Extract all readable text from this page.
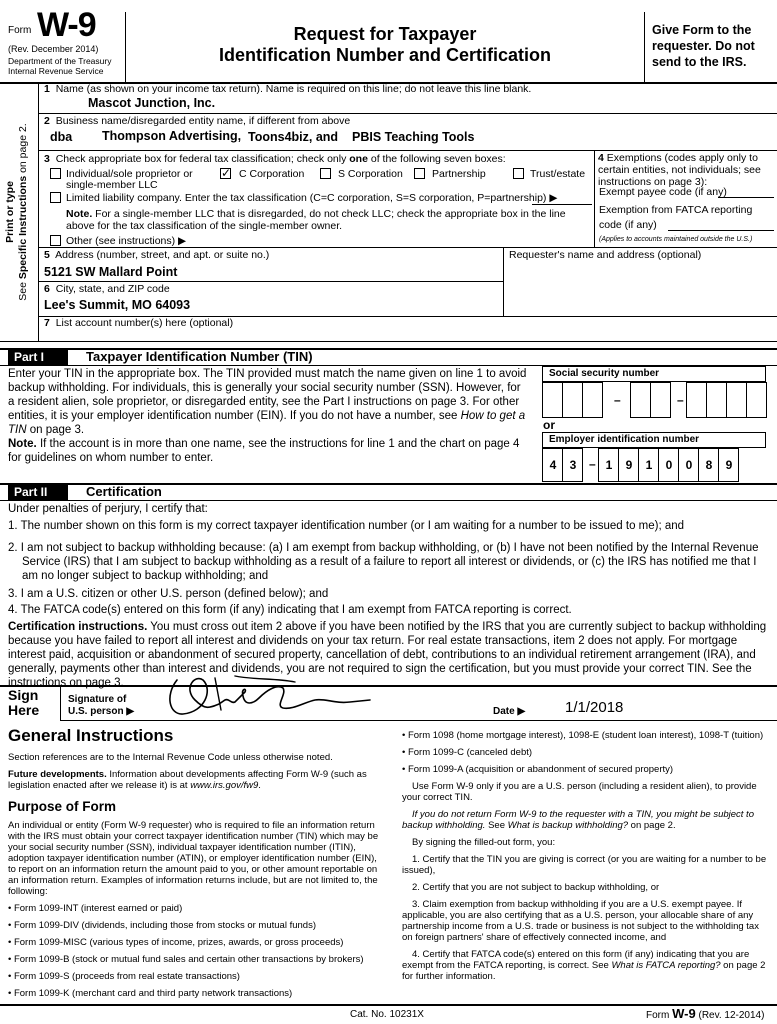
Form W-9
(Rev. December 2014)
Department of the Treasury
Internal Revenue Service
Request for Taxpayer
Identification Number and Certification
Give Form to the requester. Do not send to the IRS.
Print or type
See Specific Instructions on page 2.
1 Name (as shown on your income tax return). Name is required on this line; do not leave this line blank.
Mascot Junction, Inc.
2 Business name/disregarded entity name, if different from above
dba Thompson Advertising, Toons4biz, and PBIS Teaching Tools
3 Check appropriate box for federal tax classification; check only one of the following seven boxes:
Individual/sole proprietor or
single-member LLC
✓ C Corporation	S Corporation	Partnership	Trust/estate
Limited liability company. Enter the tax classification (C=C corporation, S=S corporation, P=partnership) ▶
Note. For a single-member LLC that is disregarded, do not check LLC; check the appropriate box in the line above for the tax classification of the single-member owner.
Other (see instructions) ▶
4 Exemptions (codes apply only to certain entities, not individuals; see instructions on page 3):
Exempt payee code (if any)
Exemption from FATCA reporting
code (if any)
(Applies to accounts maintained outside the U.S.)
5 Address (number, street, and apt. or suite no.)
5121 SW Mallard Point
Requester's name and address (optional)
6 City, state, and ZIP code
Lee's Summit, MO 64093
7 List account number(s) here (optional)
Part I	Taxpayer Identification Number (TIN)
Enter your TIN in the appropriate box. The TIN provided must match the name given on line 1 to avoid backup withholding. For individuals, this is generally your social security number (SSN). However, for a resident alien, sole proprietor, or disregarded entity, see the Part I instructions on page 3. For other entities, it is your employer identification number (EIN). If you do not have a number, see How to get a TIN on page 3.
Note. If the account is in more than one name, see the instructions for line 1 and the chart on page 4 for guidelines on whom number to enter.
Social security number
–	–
or
Employer identification number
4	3	– 1	9	1	0	0	8	9
Part II	Certification
Under penalties of perjury, I certify that:
1. The number shown on this form is my correct taxpayer identification number (or I am waiting for a number to be issued to me); and
2. I am not subject to backup withholding because: (a) I am exempt from backup withholding, or (b) I have not been notified by the Internal Revenue Service (IRS) that I am subject to backup withholding as a result of a failure to report all interest or dividends, or (c) the IRS has notified me that I am no longer subject to backup withholding; and
3. I am a U.S. citizen or other U.S. person (defined below); and
4. The FATCA code(s) entered on this form (if any) indicating that I am exempt from FATCA reporting is correct.
Certification instructions. You must cross out item 2 above if you have been notified by the IRS that you are currently subject to backup withholding because you have failed to report all interest and dividends on your tax return. For real estate transactions, item 2 does not apply. For mortgage interest paid, acquisition or abandonment of secured property, cancellation of debt, contributions to an individual retirement arrangement (IRA), and generally, payments other than interest and dividends, you are not required to sign the certification, but you must provide your correct TIN. See the instructions on page 3.
Sign
Here
Signature of
U.S. person ▶	Date ▶	1/1/2018
General Instructions

Section references are to the Internal Revenue Code unless otherwise noted.

Future developments. Information about developments affecting Form W-9 (such as legislation enacted after we release it) is at www.irs.gov/fw9.

Purpose of Form

An individual or entity (Form W-9 requester) who is required to file an information return with the IRS must obtain your correct taxpayer identification number (TIN) which may be your social security number (SSN), individual taxpayer identification number (ITIN), adoption taxpayer identification number (ATIN), or employer identification number (EIN), to report on an information return the amount paid to you, or other amount reportable on an information return. Examples of information returns include, but are not limited to, the following:

• Form 1099-INT (interest earned or paid)
• Form 1099-DIV (dividends, including those from stocks or mutual funds)
• Form 1099-MISC (various types of income, prizes, awards, or gross proceeds)
• Form 1099-B (stock or mutual fund sales and certain other transactions by brokers)
• Form 1099-S (proceeds from real estate transactions)
• Form 1099-K (merchant card and third party network transactions)
• Form 1098 (home mortgage interest), 1098-E (student loan interest), 1098-T (tuition)
• Form 1099-C (canceled debt)
• Form 1099-A (acquisition or abandonment of secured property)
Use Form W-9 only if you are a U.S. person (including a resident alien), to provide your correct TIN.
If you do not return Form W-9 to the requester with a TIN, you might be subject to backup withholding. See What is backup withholding? on page 2.
By signing the filled-out form, you:
1. Certify that the TIN you are giving is correct (or you are waiting for a number to be issued),
2. Certify that you are not subject to backup withholding, or
3. Claim exemption from backup withholding if you are a U.S. exempt payee. If applicable, you are also certifying that as a U.S. person, your allocable share of any partnership income from a U.S. trade or business is not subject to the withholding tax on foreign partners' share of effectively connected income, and
4. Certify that FATCA code(s) entered on this form (if any) indicating that you are exempt from the FATCA reporting, is correct. See What is FATCA reporting? on page 2 for further information.
Cat. No. 10231X	Form W-9 (Rev. 12-2014)
